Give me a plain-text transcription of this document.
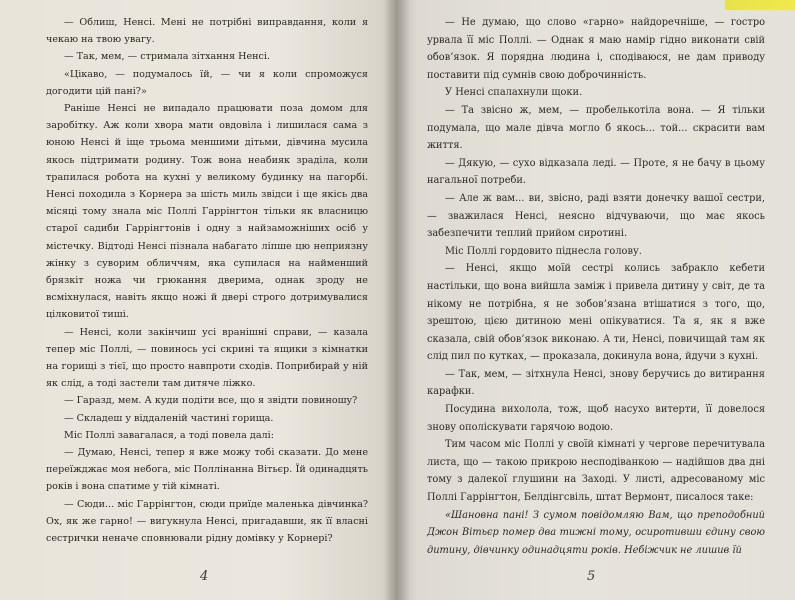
— Облиш, Ненсі. Мені не потрібні виправдання, коли я чекаю на твою увагу.

— Так, мем, — стримала зітхання Ненсі.

«Цікаво, — подумалось їй, — чи я коли спроможуся догодити цій пані?»

Раніше Ненсі не випадало працювати поза домом для заробітку. Аж коли хвора мати овдовіла і лишилася сама з юною Ненсі й іще трьома меншими дітьми, дівчина мусила якось підтримати родину. Тож вона неабияк зраділа, коли трапилася робота на кухні у великому будинку на пагорбі. Ненсі походила з Корнера за шість миль звідси і ще якісь два місяці тому знала міс Поллі Гаррінгтон тільки як власницю старої садиби Гаррінгтонів і одну з найзаможніших осіб у містечку. Відтоді Ненсі пізнала набагато ліпше цю неприязну жінку з суворим обличчям, яка супилася на найменший брязкіт ножа чи грюкання дверима, однак зроду не всміхнулася, навіть якщо ножі й двері строго дотримувалися цілковитої тиші.

— Ненсі, коли закінчиш усі вранішні справи, — казала тепер міс Поллі, — повинось усі скрині та ящики з кімнатки на горищі з тієї, що просто навпроти сходів. Поприбирай у ній як слід, а тоді застели там дитяче ліжко.

— Гаразд, мем. А куди подіти все, що я звідти повиношу?

— Складеш у віддаленій частині горища.

Міс Поллі завагалася, а тоді повела далі:

— Думаю, Ненсі, тепер я вже можу тобі сказати. До мене переїжджає моя небога, міс Поллінанна Вітьєр. Їй одинадцять років і вона спатиме у тій кімнаті.

— Сюди... міс Гаррінгтон, сюди приїде маленька дівчинка? Ох, як же гарно! — вигукнула Ненсі, пригадавши, як її власні сестрички неначе сповнювали рідну домівку у Корнері?

4

— Не думаю, що слово «гарно» найдоречніше, — гостро урвала її міс Поллі. — Однак я маю намір гідно виконати свій обов’язок. Я порядна людина і, сподіваюся, не дам приводу поставити під сумнів свою доброчинність.

У Ненсі спалахнули щоки.

— Та звісно ж, мем, — пробелькотіла вона. — Я тільки подумала, що мале дівча могло б якось... той... скрасити вам життя.

— Дякую, — сухо відказала леді. — Проте, я не бачу в цьому нагальної потреби.

— Але ж вам... ви, звісно, раді взяти донечку вашої сестри, — зважилася Ненсі, неясно відчуваючи, що має якось забезпечити теплий прийом сиротині.

Міс Поллі гордовито піднесла голову.

— Ненсі, якщо моїй сестрі колись забракло кебети настільки, що вона вийшла заміж і привела дитину у світ, де та нікому не потрібна, я не зобов’язана втішатися з того, що, зрештою, цією дитиною мені опікуватися. Та я, як я вже сказала, свій обов’язок виконаю. А ти, Ненсі, повичищай там як слід пил по кутках, — проказала, докинула вона, йдучи з кухні.

— Так, мем, — зітхнула Ненсі, знову беручись до витирання карафки.

Посудина вихолола, тож, щоб насухо витерти, її довелося знову ополіскувати гарячою водою.

Тим часом міс Поллі у своїй кімнаті у чергове перечитувала листа, що — такою прикрою несподіванкою — надійшов два дні тому з далекої глушини на Заході. У листі, адресованому міс Поллі Гаррінгтон, Белдінгсвіль, штат Вермонт, писалося таке:

«Шановна пані! З сумом повідомляю Вам, що преподобний Джон Вітьєр помер два тижні тому, осиротивши єдину свою дитину, дівчинку одинадцяти років. Небіжчик не лишив їй

5
